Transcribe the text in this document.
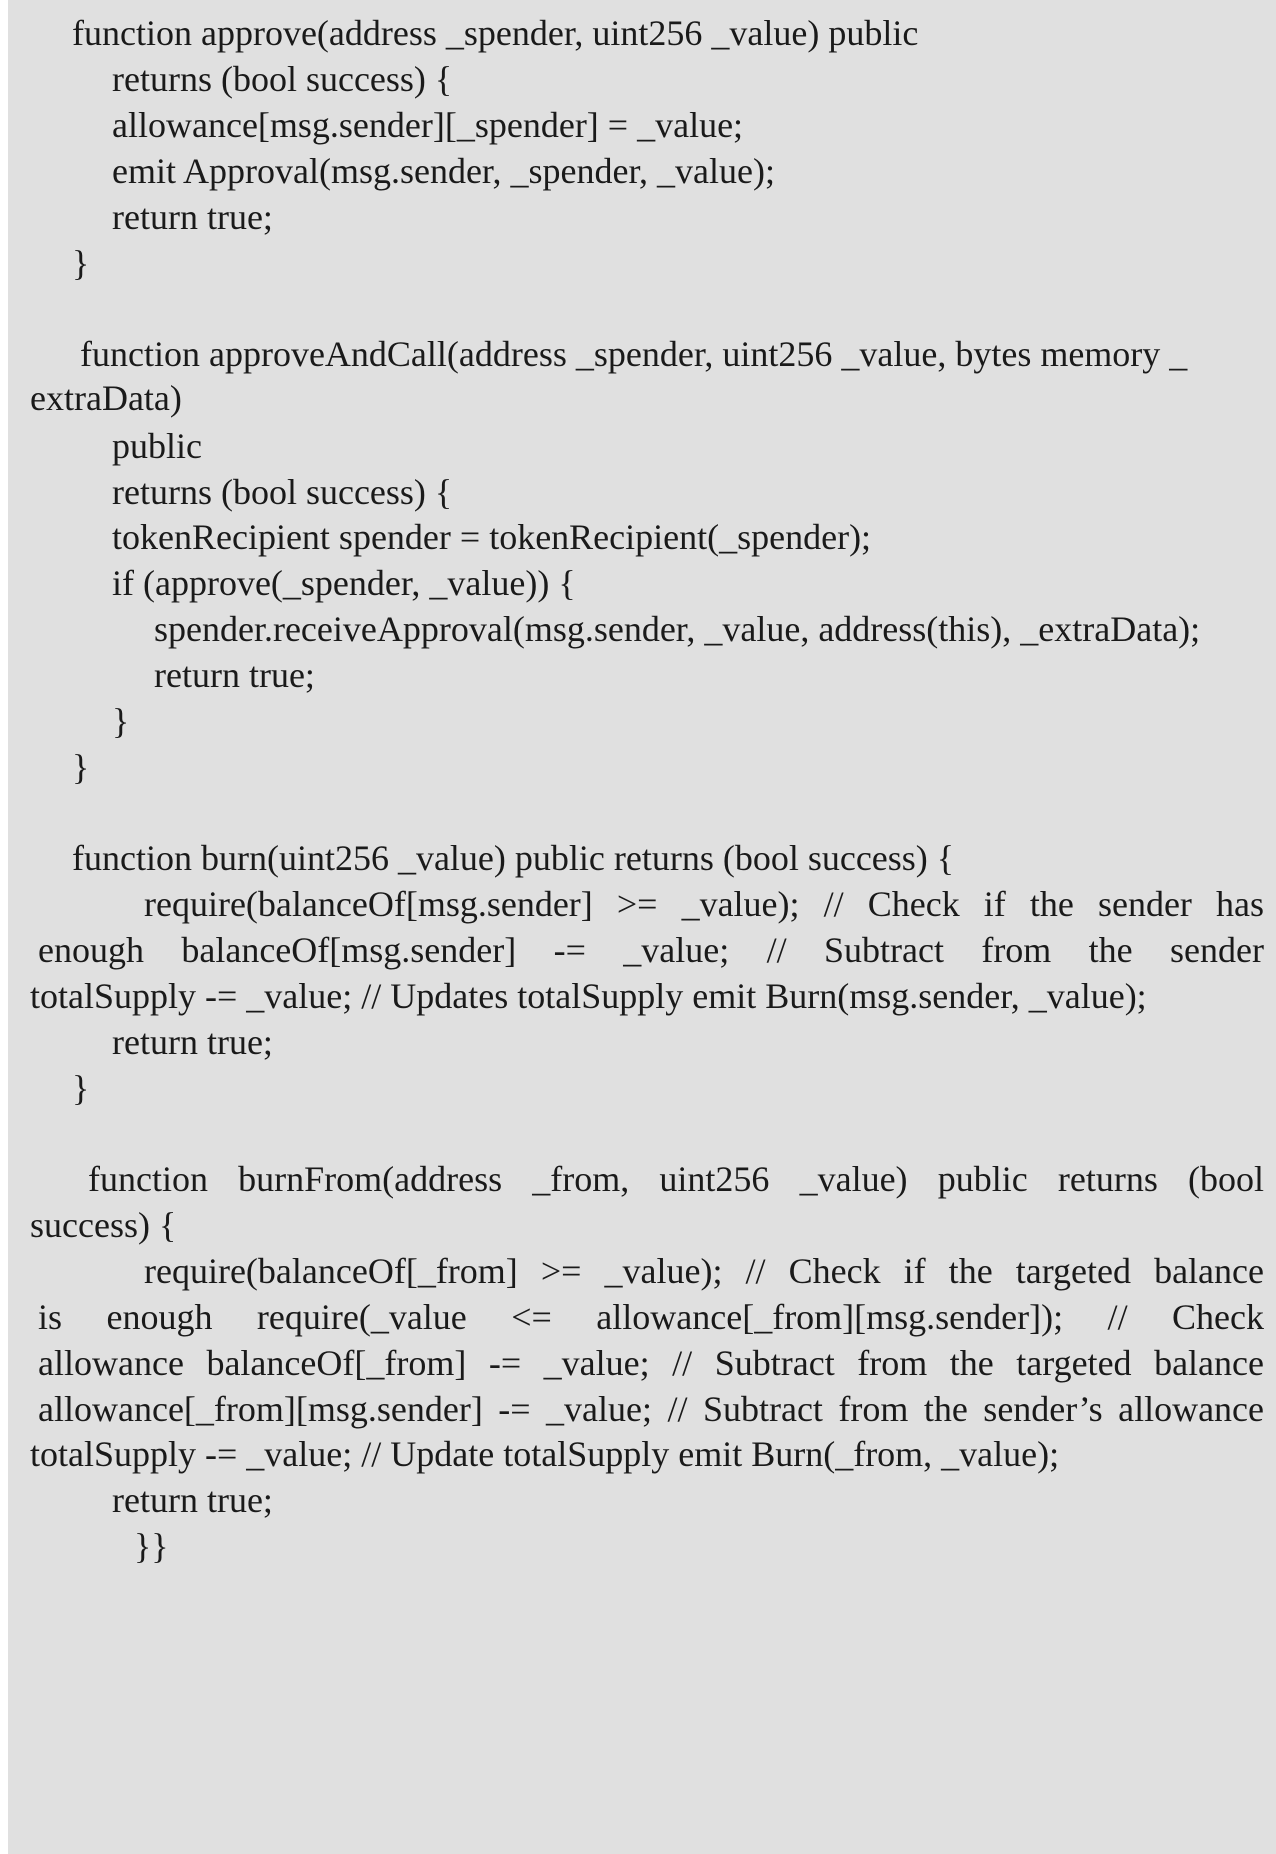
function approve(address _spender, uint256 _value) public

returns (bool success) {

allowance[msg.sender][_spender] = _value;

emit Approval(msg.sender, _spender, _value);

return true;

}

function approveAndCall(address _spender, uint256 _value, bytes memory _

extraData)

public

returns (bool success) {

tokenRecipient spender = tokenRecipient(_spender);

if (approve(_spender, _value)) {

spender.receiveApproval(msg.sender, _value, address(this), _extraData);

return true;

}

}

function burn(uint256 _value) public returns (bool success) {

require(balanceOf[msg.sender] >= _value); // Check if the sender has

enough balanceOf[msg.sender] -= _value; // Subtract from the sender

totalSupply -= _value; // Updates totalSupply emit Burn(msg.sender, _value);

return true;

}

function burnFrom(address _from, uint256 _value) public returns (bool

success) {

require(balanceOf[_from] >= _value); // Check if the targeted balance

is enough require(_value <= allowance[_from][msg.sender]); // Check

allowance balanceOf[_from] -= _value; // Subtract from the targeted balance

allowance[_from][msg.sender] -= _value; // Subtract from the sender’s allowance

totalSupply -= _value; // Update totalSupply emit Burn(_from, _value);

return true;

}}
